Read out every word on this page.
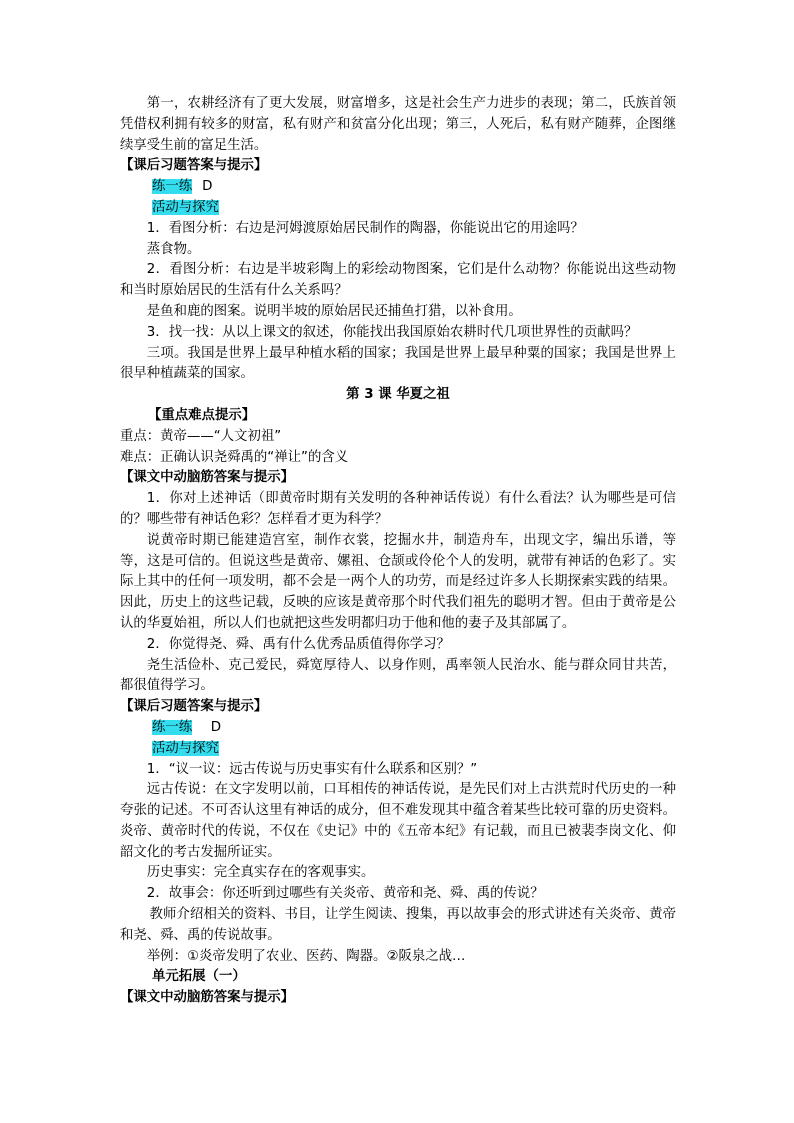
第一，农耕经济有了更大发展，财富增多，这是社会生产力进步的表现；第二，氏族首领凭借权利拥有较多的财富，私有财产和贫富分化出现；第三，人死后，私有财产随葬，企图继续享受生前的富足生活。

【课后习题答案与提示】

练一练 D

活动与探究

1．看图分析：右边是河姆渡原始居民制作的陶器，你能说出它的用途吗？

蒸食物。

2．看图分析：右边是半坡彩陶上的彩绘动物图案，它们是什么动物？你能说出这些动物和当时原始居民的生活有什么关系吗？

是鱼和鹿的图案。说明半坡的原始居民还捕鱼打猎，以补食用。

3．找一找：从以上课文的叙述，你能找出我国原始农耕时代几项世界性的贡献吗？

三项。我国是世界上最早种植水稻的国家；我国是世界上最早种粟的国家；我国是世界上很早种植蔬菜的国家。

第 3 课 华夏之祖

【重点难点提示】

重点：黄帝——“人文初祖”

难点：正确认识尧舜禹的“禅让”的含义

【课文中动脑筋答案与提示】

1．你对上述神话（即黄帝时期有关发明的各种神话传说）有什么看法？认为哪些是可信的？哪些带有神话色彩？怎样看才更为科学？

说黄帝时期已能建造宫室，制作衣裳，挖掘水井，制造舟车，出现文字，编出乐谱，等等，这是可信的。但说这些是黄帝、嫘祖、仓颉或伶伦个人的发明，就带有神话的色彩了。实际上其中的任何一项发明，都不会是一两个人的功劳，而是经过许多人长期探索实践的结果。因此，历史上的这些记载，反映的应该是黄帝那个时代我们祖先的聪明才智。但由于黄帝是公认的华夏始祖，所以人们也就把这些发明都归功于他和他的妻子及其部属了。

2．你觉得尧、舜、禹有什么优秀品质值得你学习？

尧生活俭朴、克己爱民，舜宽厚待人、以身作则，禹率领人民治水、能与群众同甘共苦，都很值得学习。

【课后习题答案与提示】

练一练 D

活动与探究

1．“议一议：远古传说与历史事实有什么联系和区别？”

远古传说：在文字发明以前，口耳相传的神话传说，是先民们对上古洪荒时代历史的一种夸张的记述。不可否认这里有神话的成分，但不难发现其中蕴含着某些比较可靠的历史资料。炎帝、黄帝时代的传说，不仅在《史记》中的《五帝本纪》有记载，而且已被裴李岗文化、仰韶文化的考古发掘所证实。

历史事实：完全真实存在的客观事实。

2．故事会：你还听到过哪些有关炎帝、黄帝和尧、舜、禹的传说？

教师介绍相关的资料、书目，让学生阅读、搜集，再以故事会的形式讲述有关炎帝、黄帝和尧、舜、禹的传说故事。

举例：①炎帝发明了农业、医药、陶器。②阪泉之战…

单元拓展（一）

【课文中动脑筋答案与提示】
